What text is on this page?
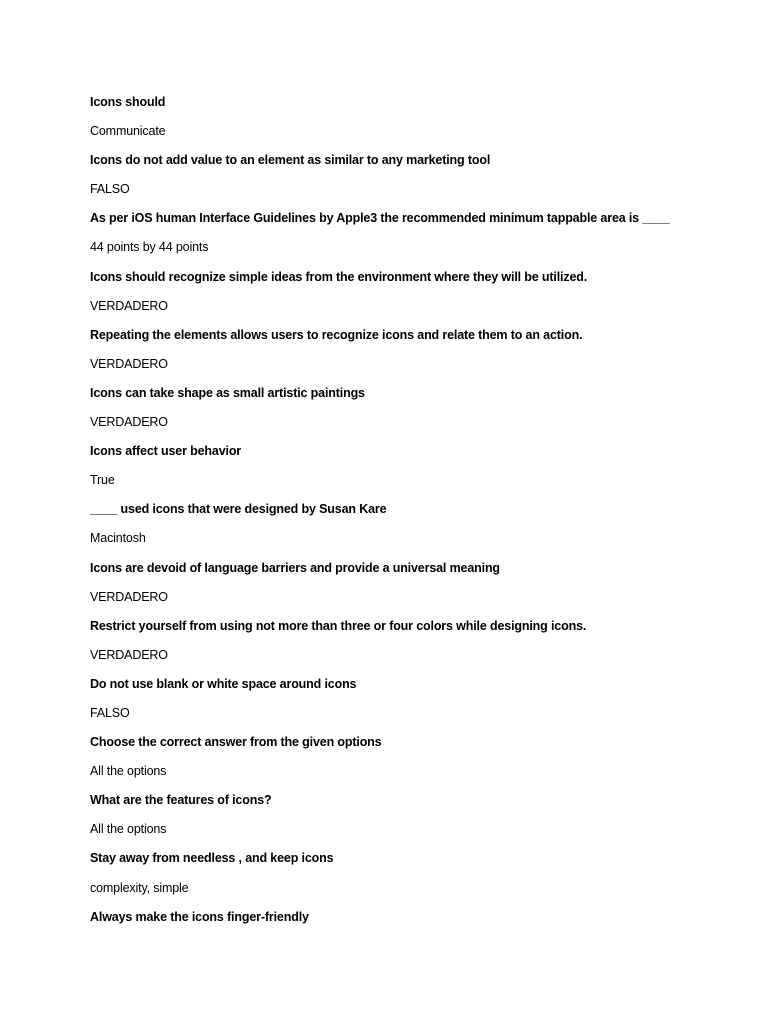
Icons should
Communicate
Icons do not add value to an element as similar to any marketing tool
FALSO
As per iOS human Interface Guidelines by Apple3 the recommended minimum tappable area is ____
44 points by 44 points
Icons should recognize simple ideas from the environment where they will be utilized.
VERDADERO
Repeating the elements allows users to recognize icons and relate them to an action.
VERDADERO
Icons can take shape as small artistic paintings
VERDADERO
Icons affect user behavior
True
____ used icons that were designed by Susan Kare
Macintosh
Icons are devoid of language barriers and provide a universal meaning
VERDADERO
Restrict yourself from using not more than three or four colors while designing icons.
VERDADERO
Do not use blank or white space around icons
FALSO
Choose the correct answer from the given options
All the options
What are the features of icons?
All the options
Stay away from needless , and keep icons
complexity, simple
Always make the icons finger-friendly
